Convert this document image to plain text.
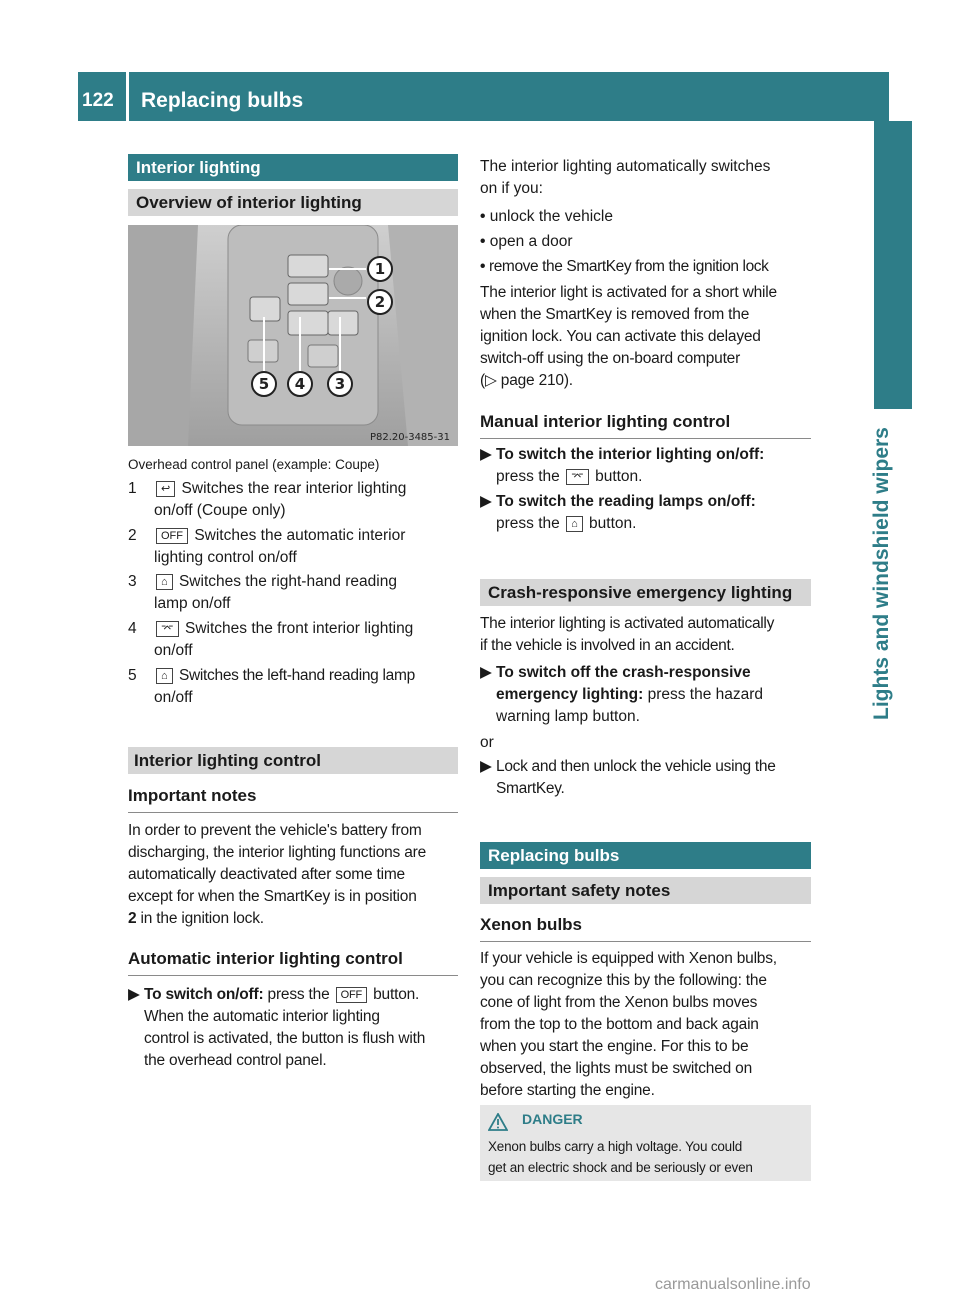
122 Replacing bulbs
Lights and windshield wipers
Interior lighting
Overview of interior lighting
1
2
3
4
5
P82.20-3485-31
Overhead control panel (example: Coupe)
1	↩ Switches the rear interior lighting
on/off (Coupe only)
2	OFF Switches the automatic interior
lighting control on/off
3	⌂ Switches the right-hand reading
lamp on/off
4	⌤ Switches the front interior lighting
on/off
5	⌂ Switches the left-hand reading lamp
on/off
Interior lighting control
Important notes
In order to prevent the vehicle's battery from
discharging, the interior lighting functions are
automatically deactivated after some time
except for when the SmartKey is in position
2 in the ignition lock.
Automatic interior lighting control
▶ To switch on/off: press the OFF button.
When the automatic interior lighting
control is activated, the button is flush with
the overhead control panel.
The interior lighting automatically switches
on if you:
• unlock the vehicle
• open a door
• remove the SmartKey from the ignition lock
The interior light is activated for a short while
when the SmartKey is removed from the
ignition lock. You can activate this delayed
switch-off using the on-board computer
(▷ page 210).
Manual interior lighting control
▶ To switch the interior lighting on/off:
press the ⌤ button.
▶ To switch the reading lamps on/off:
press the ⌂ button.
Crash-responsive emergency lighting
The interior lighting is activated automatically
if the vehicle is involved in an accident.
▶ To switch off the crash-responsive
emergency lighting: press the hazard
warning lamp button.
or
▶ Lock and then unlock the vehicle using the
SmartKey.
Replacing bulbs
Important safety notes
Xenon bulbs
If your vehicle is equipped with Xenon bulbs,
you can recognize this by the following: the
cone of light from the Xenon bulbs moves
from the top to the bottom and back again
when you start the engine. For this to be
observed, the lights must be switched on
before starting the engine.
DANGER
Xenon bulbs carry a high voltage. You could
get an electric shock and be seriously or even
carmanualsonline.info
